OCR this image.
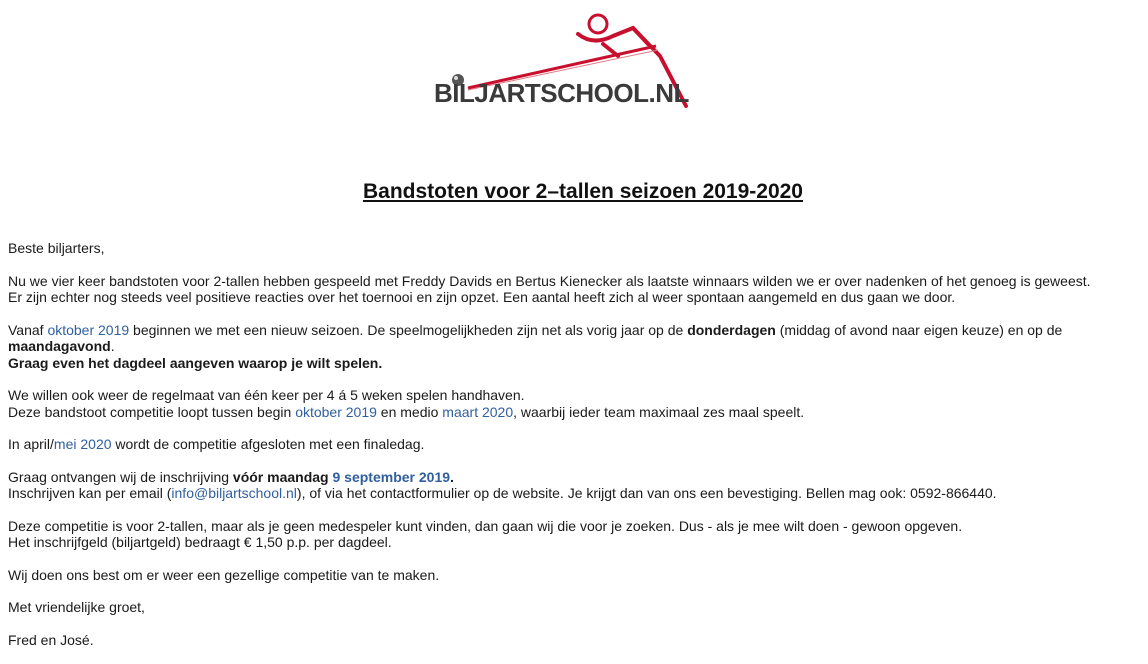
BILJARTSCHOOL.NL
Bandstoten voor 2–tallen seizoen 2019-2020

Beste biljarters,

Nu we vier keer bandstoten voor 2-tallen hebben gespeeld met Freddy Davids en Bertus Kienecker als laatste winnaars wilden we er over nadenken of het genoeg is geweest.
Er zijn echter nog steeds veel positieve reacties over het toernooi en zijn opzet. Een aantal heeft zich al weer spontaan aangemeld en dus gaan we door.

Vanaf oktober 2019 beginnen we met een nieuw seizoen. De speelmogelijkheden zijn net als vorig jaar op de donderdagen (middag of avond naar eigen keuze) en op de
maandagavond.
Graag even het dagdeel aangeven waarop je wilt spelen.

We willen ook weer de regelmaat van één keer per 4 á 5 weken spelen handhaven.
Deze bandstoot competitie loopt tussen begin oktober 2019 en medio maart 2020, waarbij ieder team maximaal zes maal speelt.

In april/mei 2020 wordt de competitie afgesloten met een finaledag.

Graag ontvangen wij de inschrijving vóór maandag 9 september 2019.
Inschrijven kan per email (info@biljartschool.nl), of via het contactformulier op de website. Je krijgt dan van ons een bevestiging. Bellen mag ook: 0592-866440.

Deze competitie is voor 2-tallen, maar als je geen medespeler kunt vinden, dan gaan wij die voor je zoeken. Dus - als je mee wilt doen - gewoon opgeven.
Het inschrijfgeld (biljartgeld) bedraagt € 1,50 p.p. per dagdeel.

Wij doen ons best om er weer een gezellige competitie van te maken.

Met vriendelijke groet,

Fred en José.
